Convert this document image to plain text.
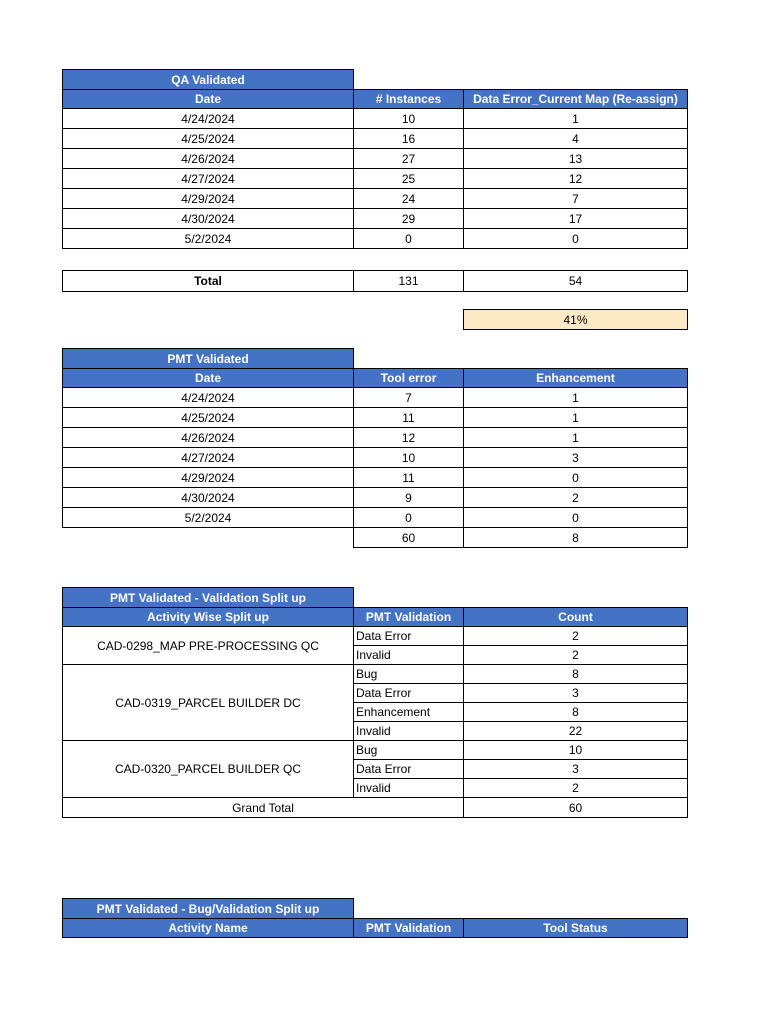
QA Validated		
Date	# Instances	Data Error_Current Map (Re-assign)
4/24/2024	10	1
4/25/2024	16	4
4/26/2024	27	13
4/27/2024	25	12
4/29/2024	24	7
4/30/2024	29	17
5/2/2024	0	0
Total	131	54
41%
PMT Validated		
Date	Tool error	Enhancement
4/24/2024	7	1
4/25/2024	11	1
4/26/2024	12	1
4/27/2024	10	3
4/29/2024	11	0
4/30/2024	9	2
5/2/2024	0	0
	60	8
PMT Validated - Validation Split up		
Activity Wise Split up	PMT Validation	Count
CAD-0298_MAP PRE-PROCESSING QC	Data Error	2
	Invalid	2
CAD-0319_PARCEL BUILDER DC	Bug	8
	Data Error	3
	Enhancement	8
	Invalid	22
CAD-0320_PARCEL BUILDER QC	Bug	10
	Data Error	3
	Invalid	2
Grand Total		60
PMT Validated - Bug/Validation Split up		
Activity Name	PMT Validation	Tool Status
